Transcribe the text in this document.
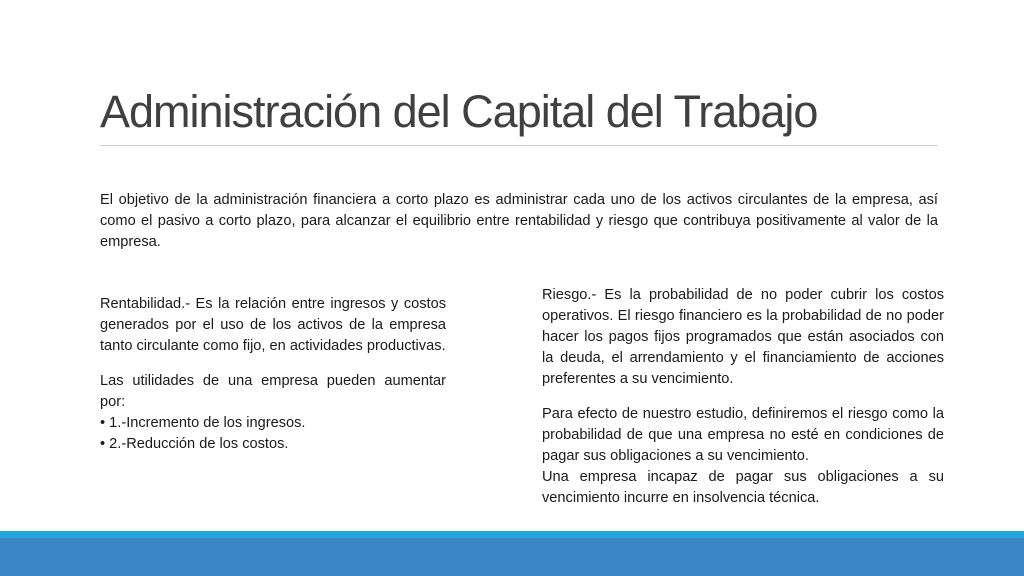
Administración del Capital del Trabajo

El objetivo de la administración financiera a corto plazo es administrar cada uno de los activos circulantes de la empresa, así como el pasivo a corto plazo, para alcanzar el equilibrio entre rentabilidad y riesgo que contribuya positivamente al valor de la empresa.

Rentabilidad.- Es la relación entre ingresos y costos generados por el uso de los activos de la empresa tanto circulante como fijo, en actividades productivas.

Las utilidades de una empresa pueden aumentar por:

• 1.-Incremento de los ingresos.

• 2.-Reducción de los costos.

Riesgo.- Es la probabilidad de no poder cubrir los costos operativos. El riesgo financiero es la probabilidad de no poder hacer los pagos fijos programados que están asociados con la deuda, el arrendamiento y el financiamiento de acciones preferentes a su vencimiento.

Para efecto de nuestro estudio, definiremos el riesgo como la probabilidad de que una empresa no esté en condiciones de pagar sus obligaciones a su vencimiento.

Una empresa incapaz de pagar sus obligaciones a su vencimiento incurre en insolvencia técnica.
